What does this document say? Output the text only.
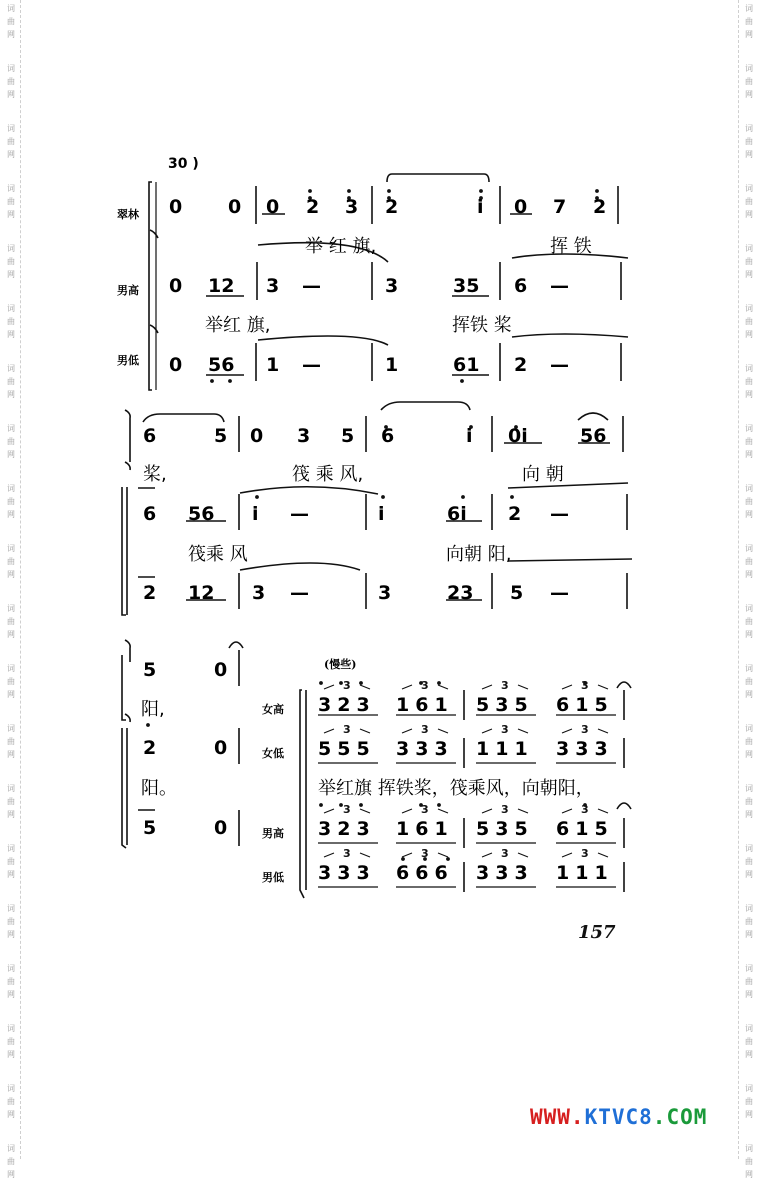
词曲网
词曲网
词曲网
词曲网
词曲网
词曲网
词曲网
词曲网
词曲网
词曲网
词曲网
词曲网
词曲网
词曲网
词曲网
词曲网
词曲网
词曲网
词曲网
词曲网
词曲网
词曲网
词曲网
词曲网
词曲网
词曲网
词曲网
词曲网
词曲网
词曲网
词曲网
词曲网
词曲网
词曲网
词曲网
词曲网
词曲网
词曲网
词曲网
词曲网
3	3	3	3
3	3	3	3
3	3	3	3
3	3	3	3
30 )
翠林
男高
男低
0 0 0 2 3 2	i 0 7 2
举 红 旗,	挥 铁
0 12 3 —	3	35 6 —
举红 旗,	挥铁 桨
0 56 1 —	1	61 2 —
6	5 0 3 5 6	i 0i	56
桨,	筏 乘 风,	向 朝
6 56 i —	i	6i 2 —
筏乘 风	向朝 阳,
2 12 3 —	3	23 5 —
5	0
2	0
5	0
阳,
阳。
(慢些)
女高
女低
男高
男低
323 161 535 615
555 333 111 333
323 161 535 615
333 666 333 111
举红旗 挥铁桨，筏乘风，向朝阳，
157
WWW.KTVC8.COM
